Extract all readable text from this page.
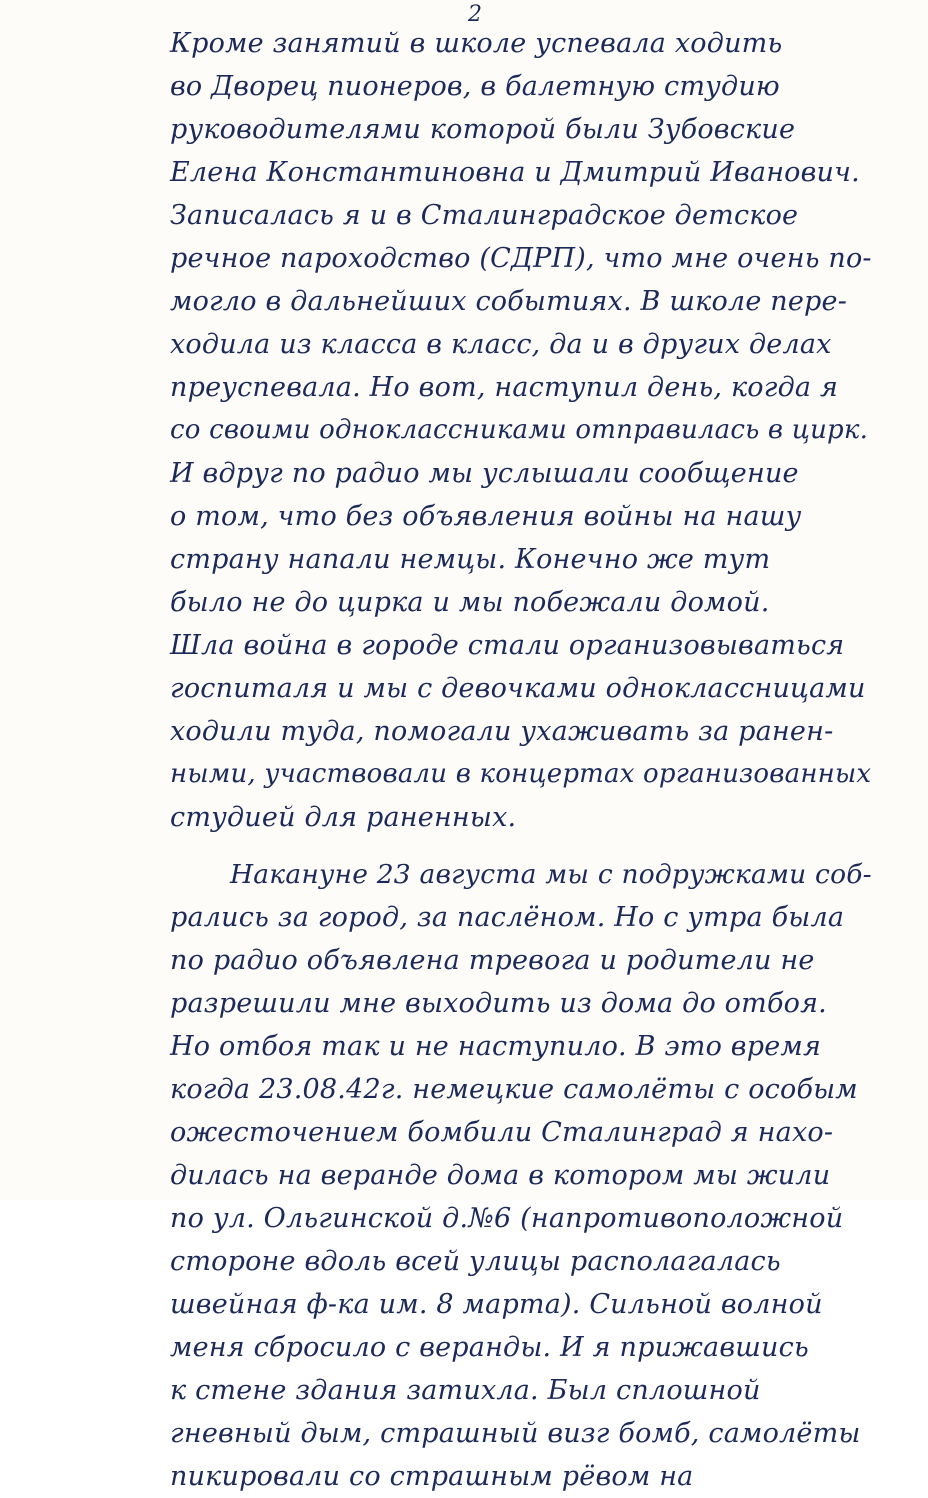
2
Кроме занятий в школе успевала ходить
во Дворец пионеров, в балетную студию
руководителями которой были Зубовские
Елена Константиновна и Дмитрий Иванович.
Записалась я и в Сталинградское детское
речное пароходство (СДРП), что мне очень по-
могло в дальнейших событиях. В школе пере-
ходила из класса в класс, да и в других делах
преуспевала. Но вот, наступил день, когда я
со своими одноклассниками отправилась в цирк.
И вдруг по радио мы услышали сообщение
о том, что без объявления войны на нашу
страну напали немцы. Конечно же тут
было не до цирка и мы побежали домой.
Шла война в городе стали организовываться
госпиталя и мы с девочками одноклассницами
ходили туда, помогали ухаживать за ранен-
ными, участвовали в концертах организованных
студией для раненных.
Накануне 23 августа мы с подружками соб-
рались за город, за паслёном. Но с утра была
по радио объявлена тревога и родители не
разрешили мне выходить из дома до отбоя.
Но отбоя так и не наступило. В это время
когда 23.08.42г. немецкие самолёты с особым
ожесточением бомбили Сталинград я нахо-
дилась на веранде дома в котором мы жили
по ул. Ольгинской д.№6 (напротивоположной
стороне вдоль всей улицы располагалась
швейная ф-ка им. 8 марта). Сильной волной
меня сбросило с веранды. И я прижавшись
к стене здания затихла. Был сплошной
гневный дым, страшный визг бомб, самолёты
пикировали со страшным рёвом на
